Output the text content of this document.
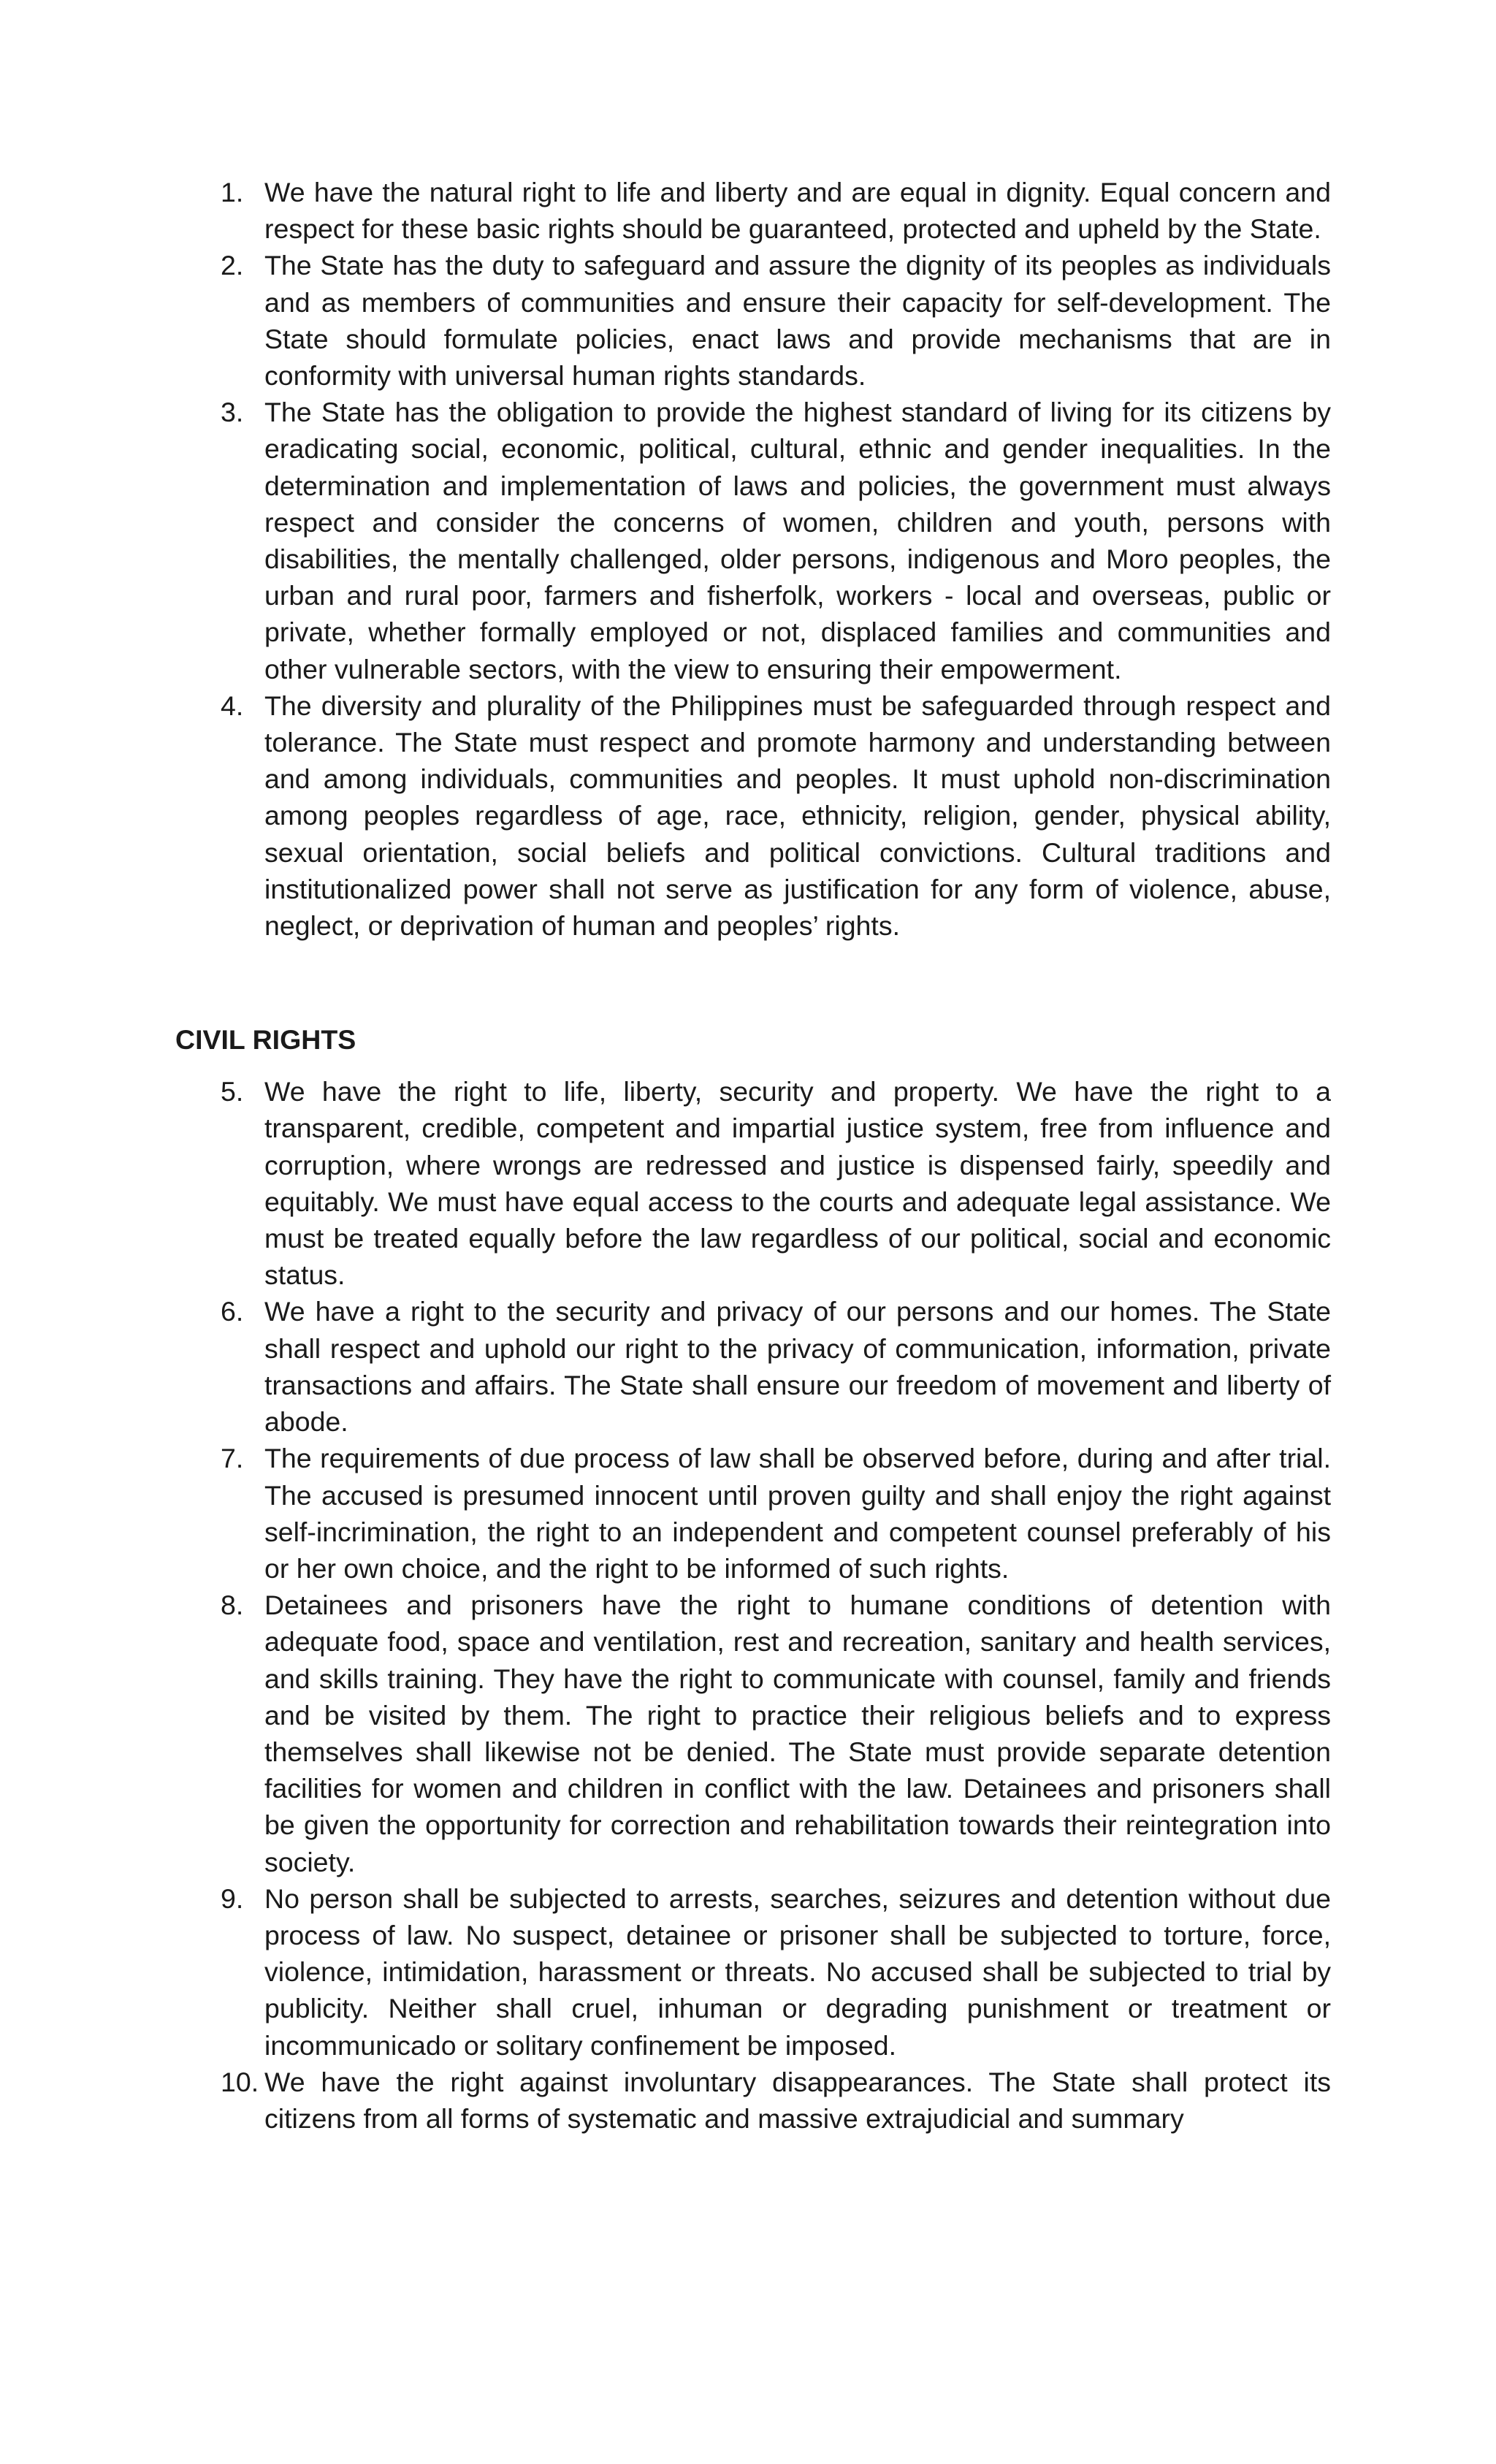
1. We have the natural right to life and liberty and are equal in dignity. Equal concern and respect for these basic rights should be guaranteed, protected and upheld by the State.
2. The State has the duty to safeguard and assure the dignity of its peoples as individuals and as members of communities and ensure their capacity for self-development. The State should formulate policies, enact laws and provide mechanisms that are in conformity with universal human rights standards.
3. The State has the obligation to provide the highest standard of living for its citizens by eradicating social, economic, political, cultural, ethnic and gender inequalities. In the determination and implementation of laws and policies, the government must always respect and consider the concerns of women, children and youth, persons with disabilities, the mentally challenged, older persons, indigenous and Moro peoples, the urban and rural poor, farmers and fisherfolk, workers - local and overseas, public or private, whether formally employed or not, displaced families and communities and other vulnerable sectors, with the view to ensuring their empowerment.
4. The diversity and plurality of the Philippines must be safeguarded through respect and tolerance. The State must respect and promote harmony and understanding between and among individuals, communities and peoples. It must uphold non-discrimination among peoples regardless of age, race, ethnicity, religion, gender, physical ability, sexual orientation, social beliefs and political convictions. Cultural traditions and institutionalized power shall not serve as justification for any form of violence, abuse, neglect, or deprivation of human and peoples’ rights.
CIVIL RIGHTS
5. We have the right to life, liberty, security and property. We have the right to a transparent, credible, competent and impartial justice system, free from influence and corruption, where wrongs are redressed and justice is dispensed fairly, speedily and equitably. We must have equal access to the courts and adequate legal assistance. We must be treated equally before the law regardless of our political, social and economic status.
6. We have a right to the security and privacy of our persons and our homes. The State shall respect and uphold our right to the privacy of communication, information, private transactions and affairs. The State shall ensure our freedom of movement and liberty of abode.
7. The requirements of due process of law shall be observed before, during and after trial. The accused is presumed innocent until proven guilty and shall enjoy the right against self-incrimination, the right to an independent and competent counsel preferably of his or her own choice, and the right to be informed of such rights.
8. Detainees and prisoners have the right to humane conditions of detention with adequate food, space and ventilation, rest and recreation, sanitary and health services, and skills training. They have the right to communicate with counsel, family and friends and be visited by them. The right to practice their religious beliefs and to express themselves shall likewise not be denied. The State must provide separate detention facilities for women and children in conflict with the law. Detainees and prisoners shall be given the opportunity for correction and rehabilitation towards their reintegration into society.
9. No person shall be subjected to arrests, searches, seizures and detention without due process of law. No suspect, detainee or prisoner shall be subjected to torture, force, violence, intimidation, harassment or threats. No accused shall be subjected to trial by publicity. Neither shall cruel, inhuman or degrading punishment or treatment or incommunicado or solitary confinement be imposed.
10. We have the right against involuntary disappearances. The State shall protect its citizens from all forms of systematic and massive extrajudicial and summary
